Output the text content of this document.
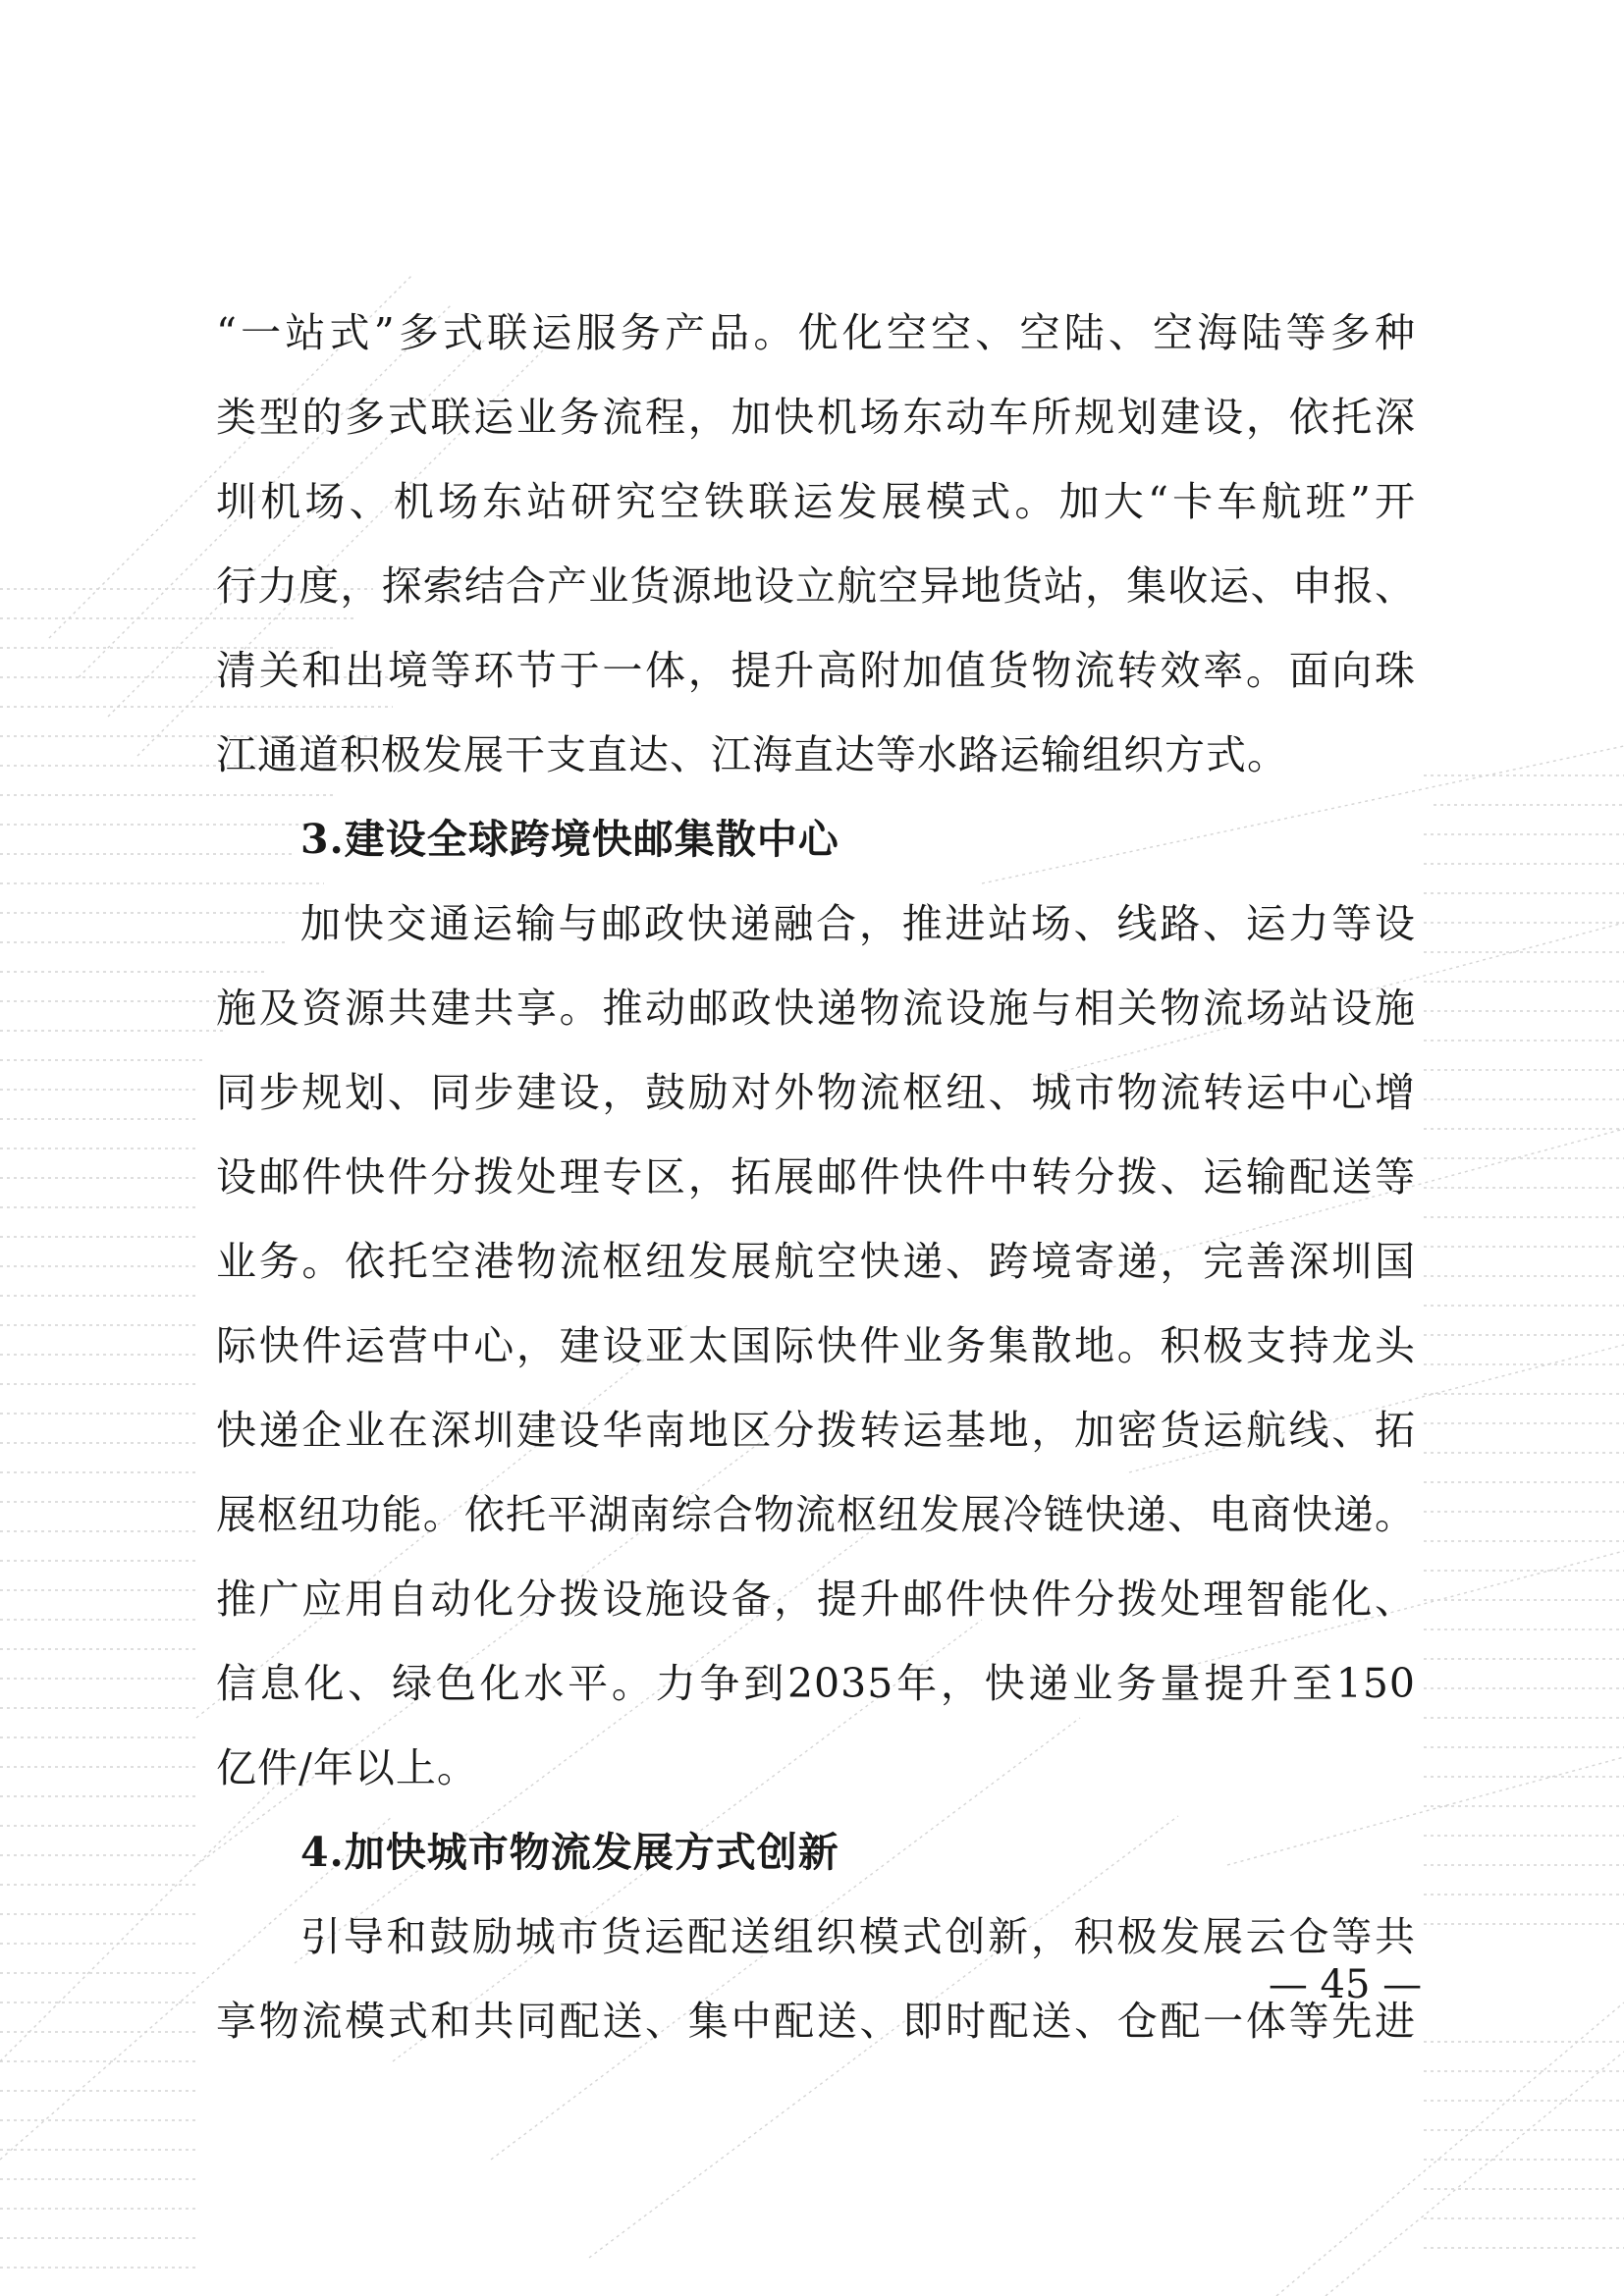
“一站式”多式联运服务产品。优化空空、空陆、空海陆等多种
类型的多式联运业务流程，加快机场东动车所规划建设，依托深
圳机场、机场东站研究空铁联运发展模式。加大“卡车航班”开
行力度，探索结合产业货源地设立航空异地货站，集收运、申报、
清关和出境等环节于一体，提升高附加值货物流转效率。面向珠
江通道积极发展干支直达、江海直达等水路运输组织方式。
3.建设全球跨境快邮集散中心
加快交通运输与邮政快递融合，推进站场、线路、运力等设
施及资源共建共享。推动邮政快递物流设施与相关物流场站设施
同步规划、同步建设，鼓励对外物流枢纽、城市物流转运中心增
设邮件快件分拨处理专区，拓展邮件快件中转分拨、运输配送等
业务。依托空港物流枢纽发展航空快递、跨境寄递，完善深圳国
际快件运营中心，建设亚太国际快件业务集散地。积极支持龙头
快递企业在深圳建设华南地区分拨转运基地，加密货运航线、拓
展枢纽功能。依托平湖南综合物流枢纽发展冷链快递、电商快递。
推广应用自动化分拨设施设备，提升邮件快件分拨处理智能化、
信息化、绿色化水平。力争到2035年，快递业务量提升至150
亿件/年以上。
4.加快城市物流发展方式创新
引导和鼓励城市货运配送组织模式创新，积极发展云仓等共
享物流模式和共同配送、集中配送、即时配送、仓配一体等先进
— 45 —
